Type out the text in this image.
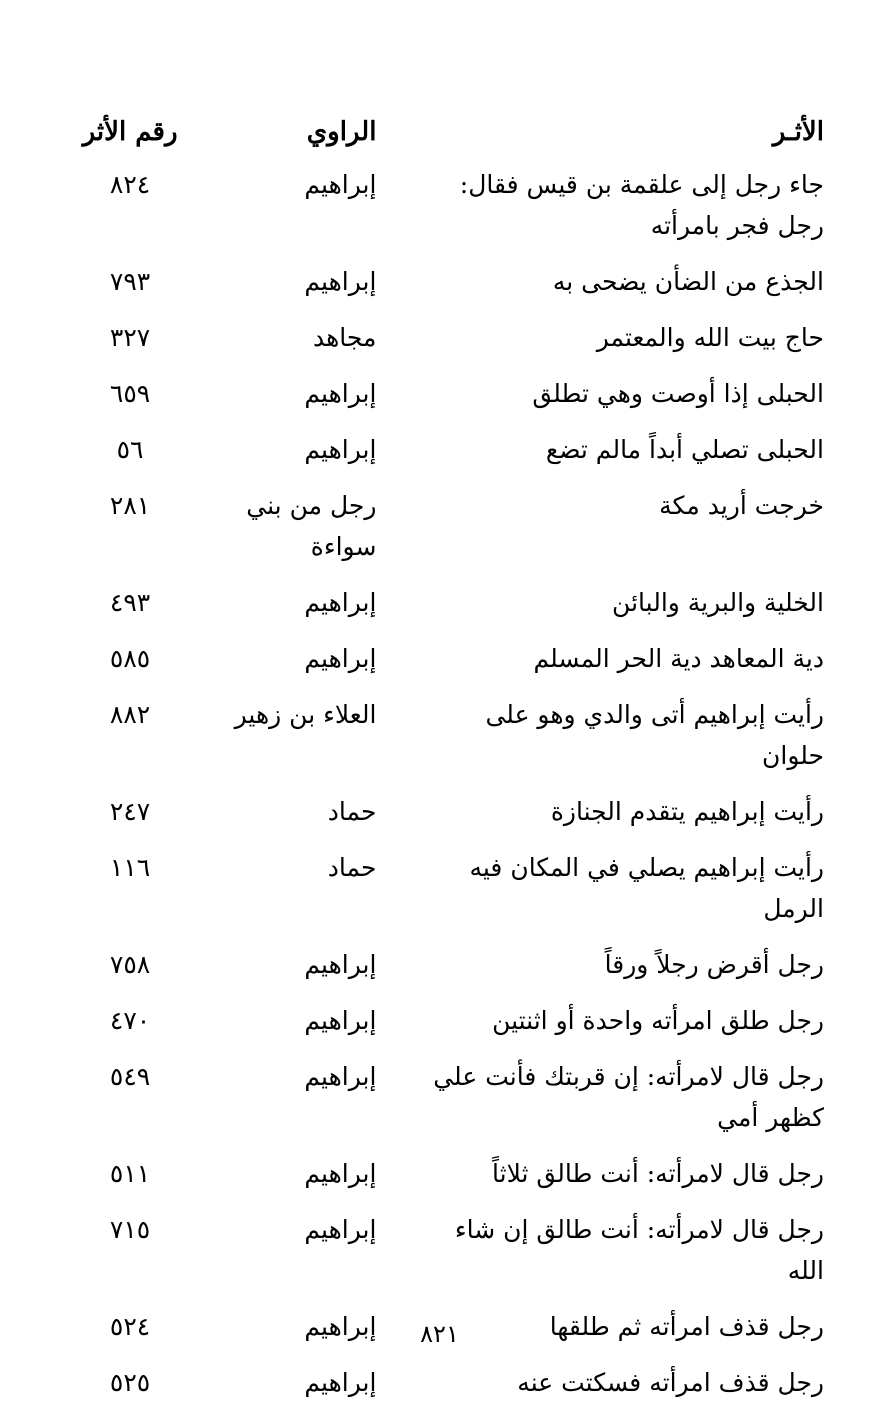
الأثـر	الراوي	رقم الأثر

جاء رجل إلى علقمة بن قيس فقال: رجل فجر بامرأته	إبراهيم	٨٢٤

الجذع من الضأن يضحى به	إبراهيم	٧٩٣

حاج بيت الله والمعتمر	مجاهد	٣٢٧

الحبلى إذا أوصت وهي تطلق	إبراهيم	٦٥٩

الحبلى تصلي أبداً مالم تضع	إبراهيم	٥٦

خرجت أريد مكة	رجل من بني سواءة	٢٨١

الخلية والبرية والبائن	إبراهيم	٤٩٣

دية المعاهد دية الحر المسلم	إبراهيم	٥٨٥

رأيت إبراهيم أتى والدي وهو على حلوان	العلاء بن زهير	٨٨٢

رأيت إبراهيم يتقدم الجنازة	حماد	٢٤٧

رأيت إبراهيم يصلي في المكان فيه الرمل	حماد	١١٦

رجل أقرض رجلاً ورقاً	إبراهيم	٧٥٨

رجل طلق امرأته واحدة أو اثنتين	إبراهيم	٤٧٠

رجل قال لامرأته: إن قربتك فأنت علي كظهر أمي	إبراهيم	٥٤٩

رجل قال لامرأته: أنت طالق ثلاثاً	إبراهيم	٥١١

رجل قال لامرأته: أنت طالق إن شاء الله	إبراهيم	٧١٥

رجل قذف امرأته ثم طلقها	إبراهيم	٥٢٤

رجل قذف امرأته فسكتت عنه	إبراهيم	٥٢٥
٨٢١
